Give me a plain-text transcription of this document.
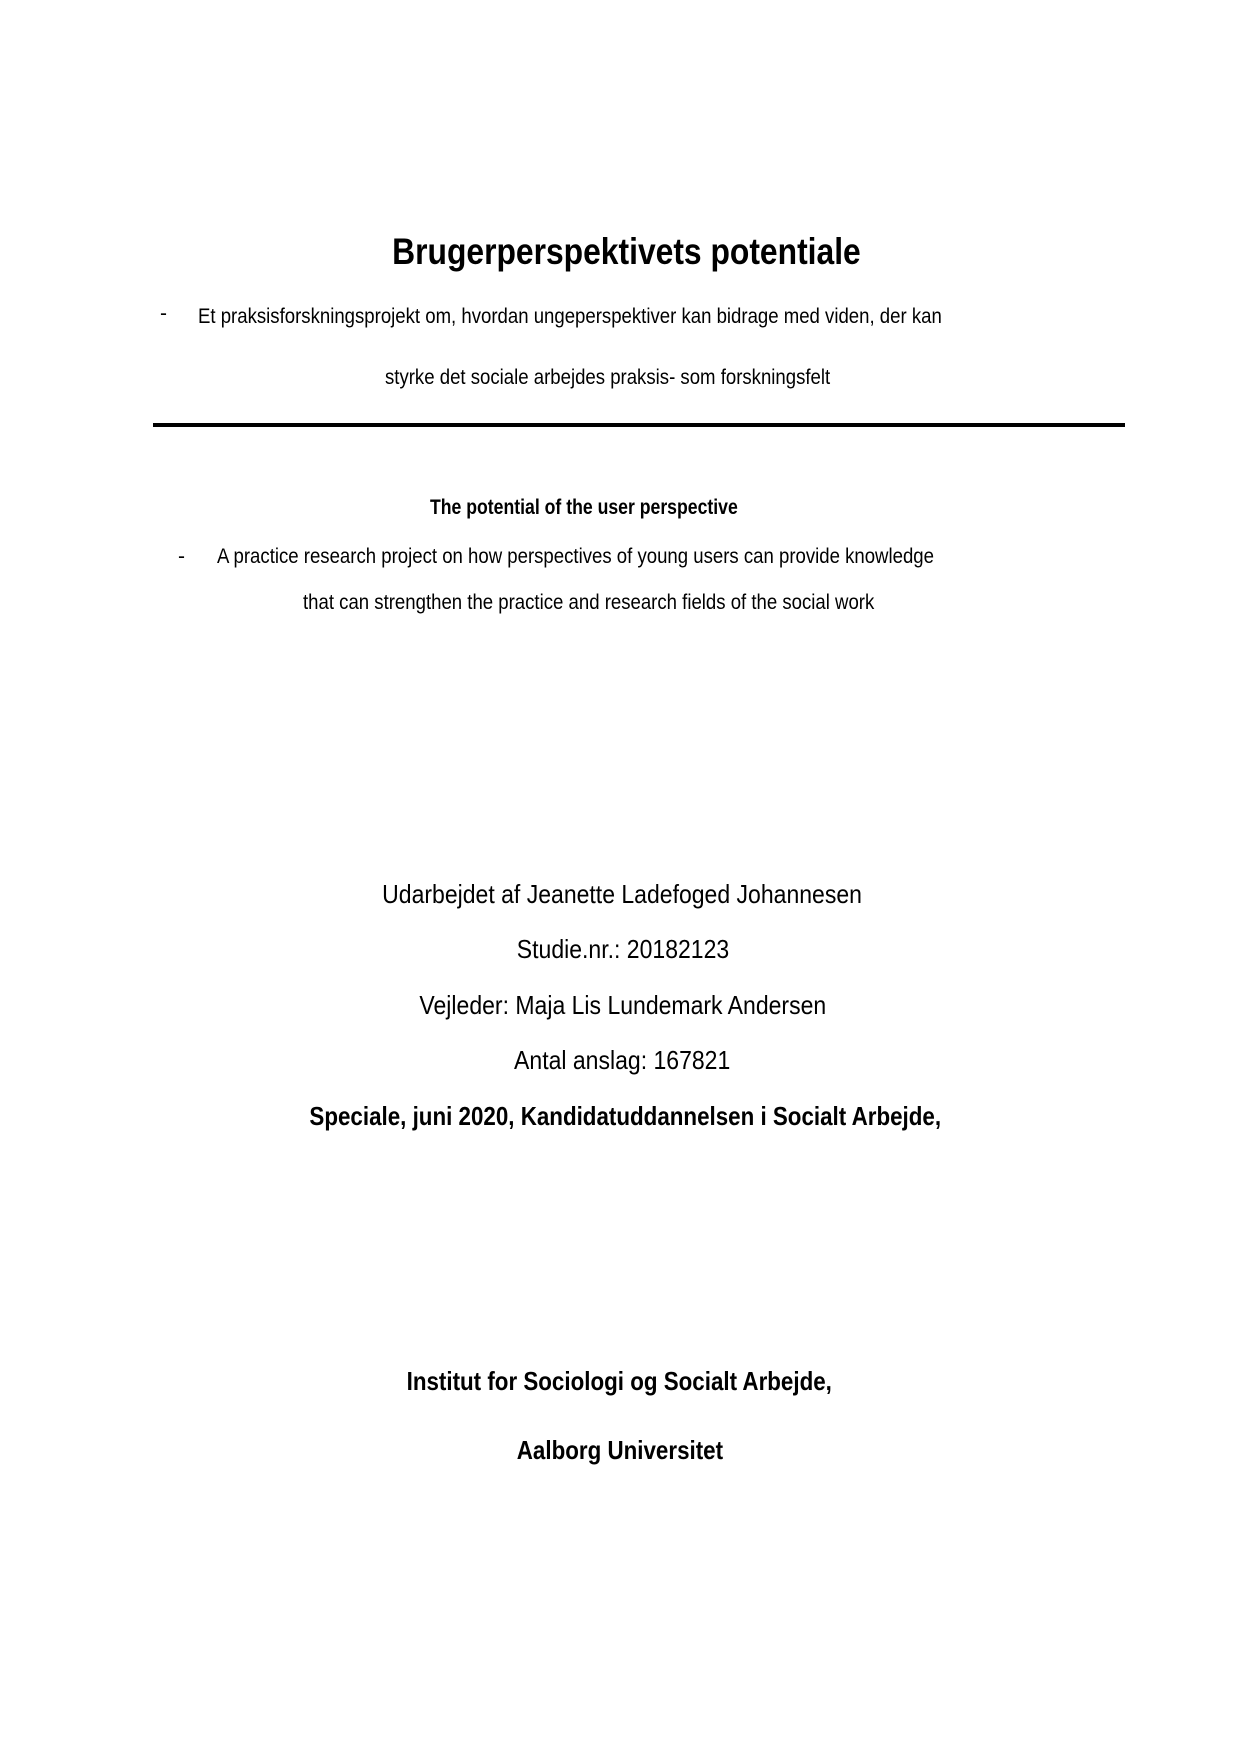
Brugerperspektivets potentiale
- Et praksisforskningsprojekt om, hvordan ungeperspektiver kan bidrage med viden, der kan
styrke det sociale arbejdes praksis- som forskningsfelt
The potential of the user perspective
- A practice research project on how perspectives of young users can provide knowledge
that can strengthen the practice and research fields of the social work
Udarbejdet af Jeanette Ladefoged Johannesen
Studie.nr.: 20182123
Vejleder: Maja Lis Lundemark Andersen
Antal anslag: 167821
Speciale, juni 2020, Kandidatuddannelsen i Socialt Arbejde,
Institut for Sociologi og Socialt Arbejde,
Aalborg Universitet
